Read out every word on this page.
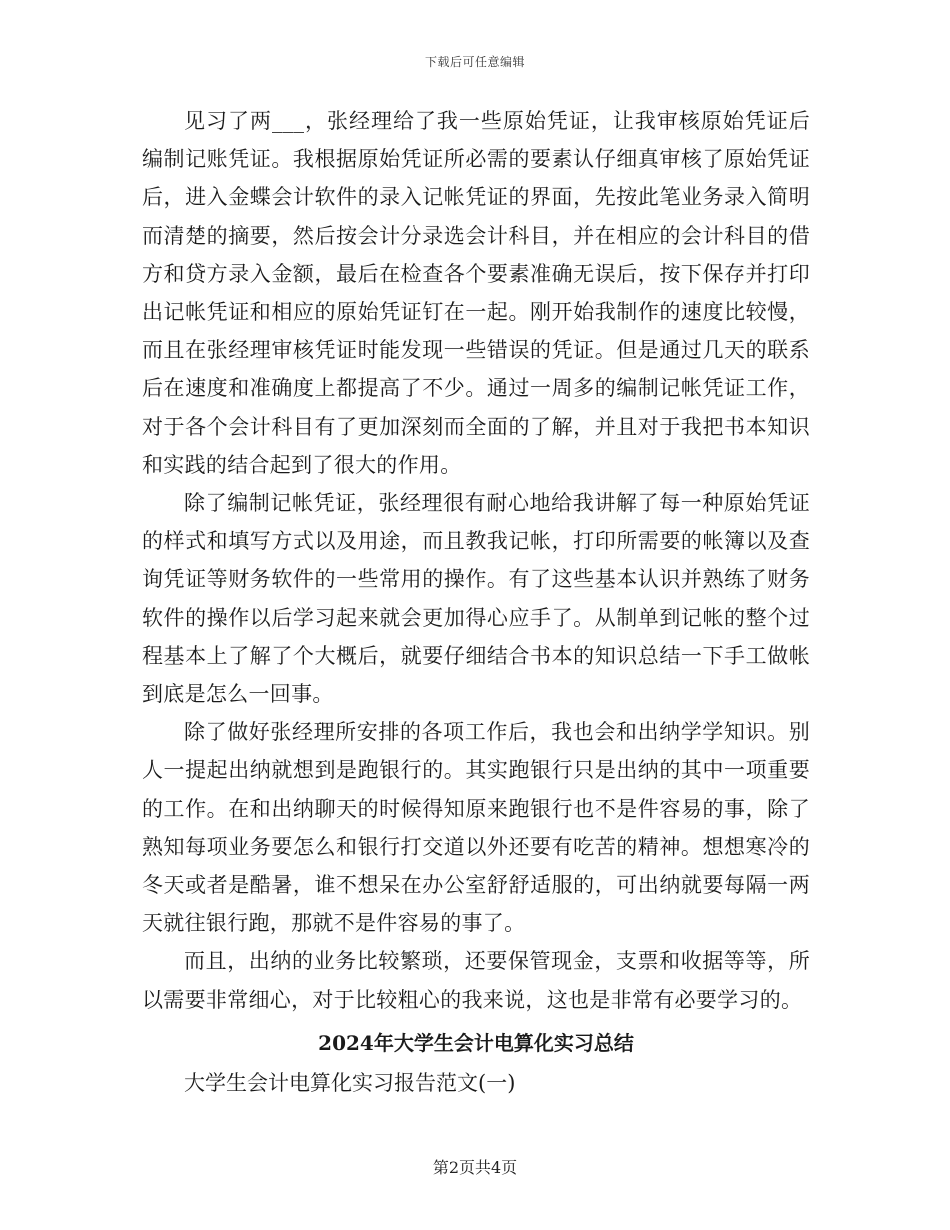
下载后可任意编辑

见习了两___，张经理给了我一些原始凭证，让我审核原始凭证后编制记账凭证。我根据原始凭证所必需的要素认仔细真审核了原始凭证后，进入金蝶会计软件的录入记帐凭证的界面，先按此笔业务录入简明而清楚的摘要，然后按会计分录选会计科目，并在相应的会计科目的借方和贷方录入金额，最后在检查各个要素准确无误后，按下保存并打印出记帐凭证和相应的原始凭证钉在一起。刚开始我制作的速度比较慢，而且在张经理审核凭证时能发现一些错误的凭证。但是通过几天的联系后在速度和准确度上都提高了不少。通过一周多的编制记帐凭证工作，对于各个会计科目有了更加深刻而全面的了解，并且对于我把书本知识和实践的结合起到了很大的作用。

除了编制记帐凭证，张经理很有耐心地给我讲解了每一种原始凭证的样式和填写方式以及用途，而且教我记帐，打印所需要的帐簿以及查询凭证等财务软件的一些常用的操作。有了这些基本认识并熟练了财务软件的操作以后学习起来就会更加得心应手了。从制单到记帐的整个过程基本上了解了个大概后，就要仔细结合书本的知识总结一下手工做帐到底是怎么一回事。

除了做好张经理所安排的各项工作后，我也会和出纳学学知识。别人一提起出纳就想到是跑银行的。其实跑银行只是出纳的其中一项重要的工作。在和出纳聊天的时候得知原来跑银行也不是件容易的事，除了熟知每项业务要怎么和银行打交道以外还要有吃苦的精神。想想寒冷的冬天或者是酷暑，谁不想呆在办公室舒舒适服的，可出纳就要每隔一两天就往银行跑，那就不是件容易的事了。

而且，出纳的业务比较繁琐，还要保管现金，支票和收据等等，所以需要非常细心，对于比较粗心的我来说，这也是非常有必要学习的。

2024年大学生会计电算化实习总结

大学生会计电算化实习报告范文(一)

第2页共4页
